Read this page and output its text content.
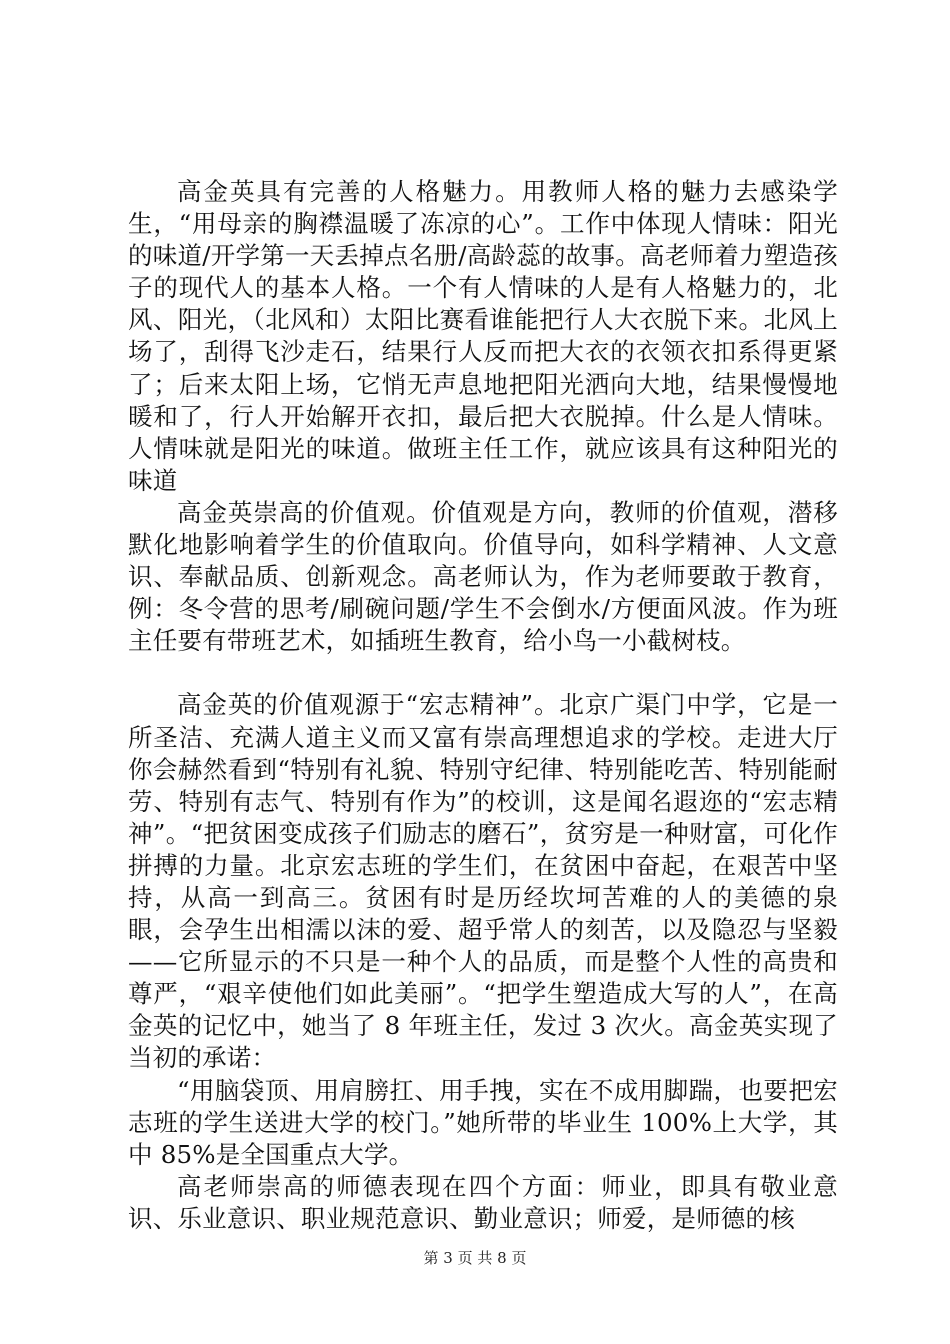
高金英具有完善的人格魅力。用教师人格的魅力去感染学生，“用母亲的胸襟温暖了冻凉的心”。工作中体现人情味：阳光的味道/开学第一天丢掉点名册/高龄蕊的故事。高老师着力塑造孩子的现代人的基本人格。一个有人情味的人是有人格魅力的，北风、阳光，（北风和）太阳比赛看谁能把行人大衣脱下来。北风上场了，刮得飞沙走石，结果行人反而把大衣的衣领衣扣系得更紧了；后来太阳上场，它悄无声息地把阳光洒向大地，结果慢慢地暖和了，行人开始解开衣扣，最后把大衣脱掉。什么是人情味。人情味就是阳光的味道。做班主任工作，就应该具有这种阳光的味道

高金英崇高的价值观。价值观是方向，教师的价值观，潜移默化地影响着学生的价值取向。价值导向，如科学精神、人文意识、奉献品质、创新观念。高老师认为，作为老师要敢于教育，例：冬令营的思考/刷碗问题/学生不会倒水/方便面风波。作为班主任要有带班艺术，如插班生教育，给小鸟一小截树枝。

高金英的价值观源于“宏志精神”。北京广渠门中学，它是一所圣洁、充满人道主义而又富有崇高理想追求的学校。走进大厅你会赫然看到“特别有礼貌、特别守纪律、特别能吃苦、特别能耐劳、特别有志气、特别有作为”的校训，这是闻名遐迩的“宏志精神”。“把贫困变成孩子们励志的磨石”，贫穷是一种财富，可化作拼搏的力量。北京宏志班的学生们，在贫困中奋起，在艰苦中坚持，从高一到高三。贫困有时是历经坎坷苦难的人的美德的泉眼，会孕生出相濡以沫的爱、超乎常人的刻苦，以及隐忍与坚毅——它所显示的不只是一种个人的品质，而是整个人性的高贵和尊严，“艰辛使他们如此美丽”。“把学生塑造成大写的人”，在高金英的记忆中，她当了 8 年班主任，发过 3 次火。高金英实现了当初的承诺：

“用脑袋顶、用肩膀扛、用手拽，实在不成用脚踹，也要把宏志班的学生送进大学的校门。”她所带的毕业生 100%上大学，其中 85%是全国重点大学。

高老师崇高的师德表现在四个方面：师业，即具有敬业意识、乐业意识、职业规范意识、勤业意识；师爱，是师德的核

第 3 页 共 8 页
